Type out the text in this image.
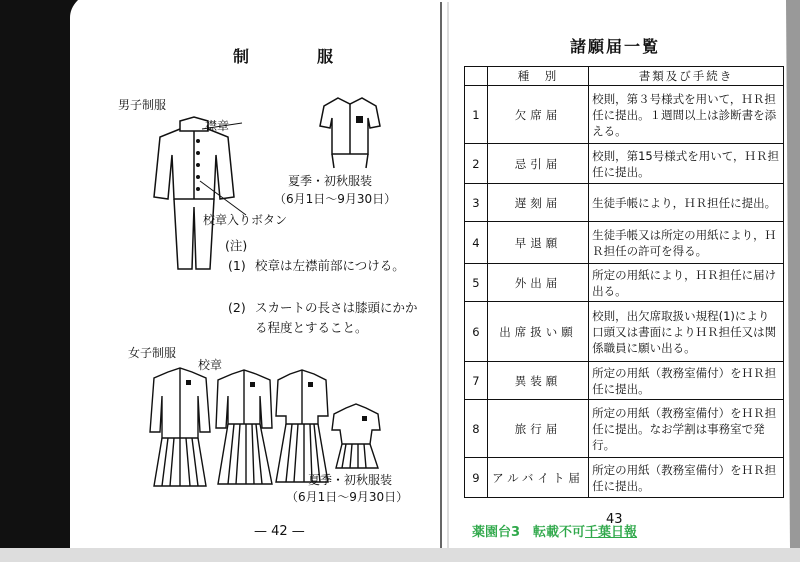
制　服
男子制服
襟章
校章入りボタン
夏季・初秋服装
（6月1日～9月30日）
(注)
(1) 校章は左襟前部につける。
(2) スカートの長さは膝頭にかかる程度とすること。
女子制服
校章
夏季・初秋服装
（6月1日～9月30日）
— 42 —
諸願届一覧
	種　別	書類及び手続き
1	欠席届	校則，第３号様式を用いて，ＨＲ担任に提出。１週間以上は診断書を添える。
2	忌引届	校則，第15号様式を用いて，ＨＲ担任に提出。
3	遅刻届	生徒手帳により，ＨＲ担任に提出。
4	早退願	生徒手帳又は所定の用紙により，ＨＲ担任の許可を得る。
5	外出届	所定の用紙により，ＨＲ担任に届け出る。
6	出席扱い願	校則，出欠席取扱い規程(1)により口頭又は書面によりＨＲ担任又は関係職員に願い出る。
7	異装願	所定の用紙（教務室備付）をＨＲ担任に提出。
8	旅行届	所定の用紙（教務室備付）をＨＲ担任に提出。なお学割は事務室で発行。
9	アルバイト届	所定の用紙（教務室備付）をＨＲ担任に提出。
43
薬園台3　転載不可千葉日報
